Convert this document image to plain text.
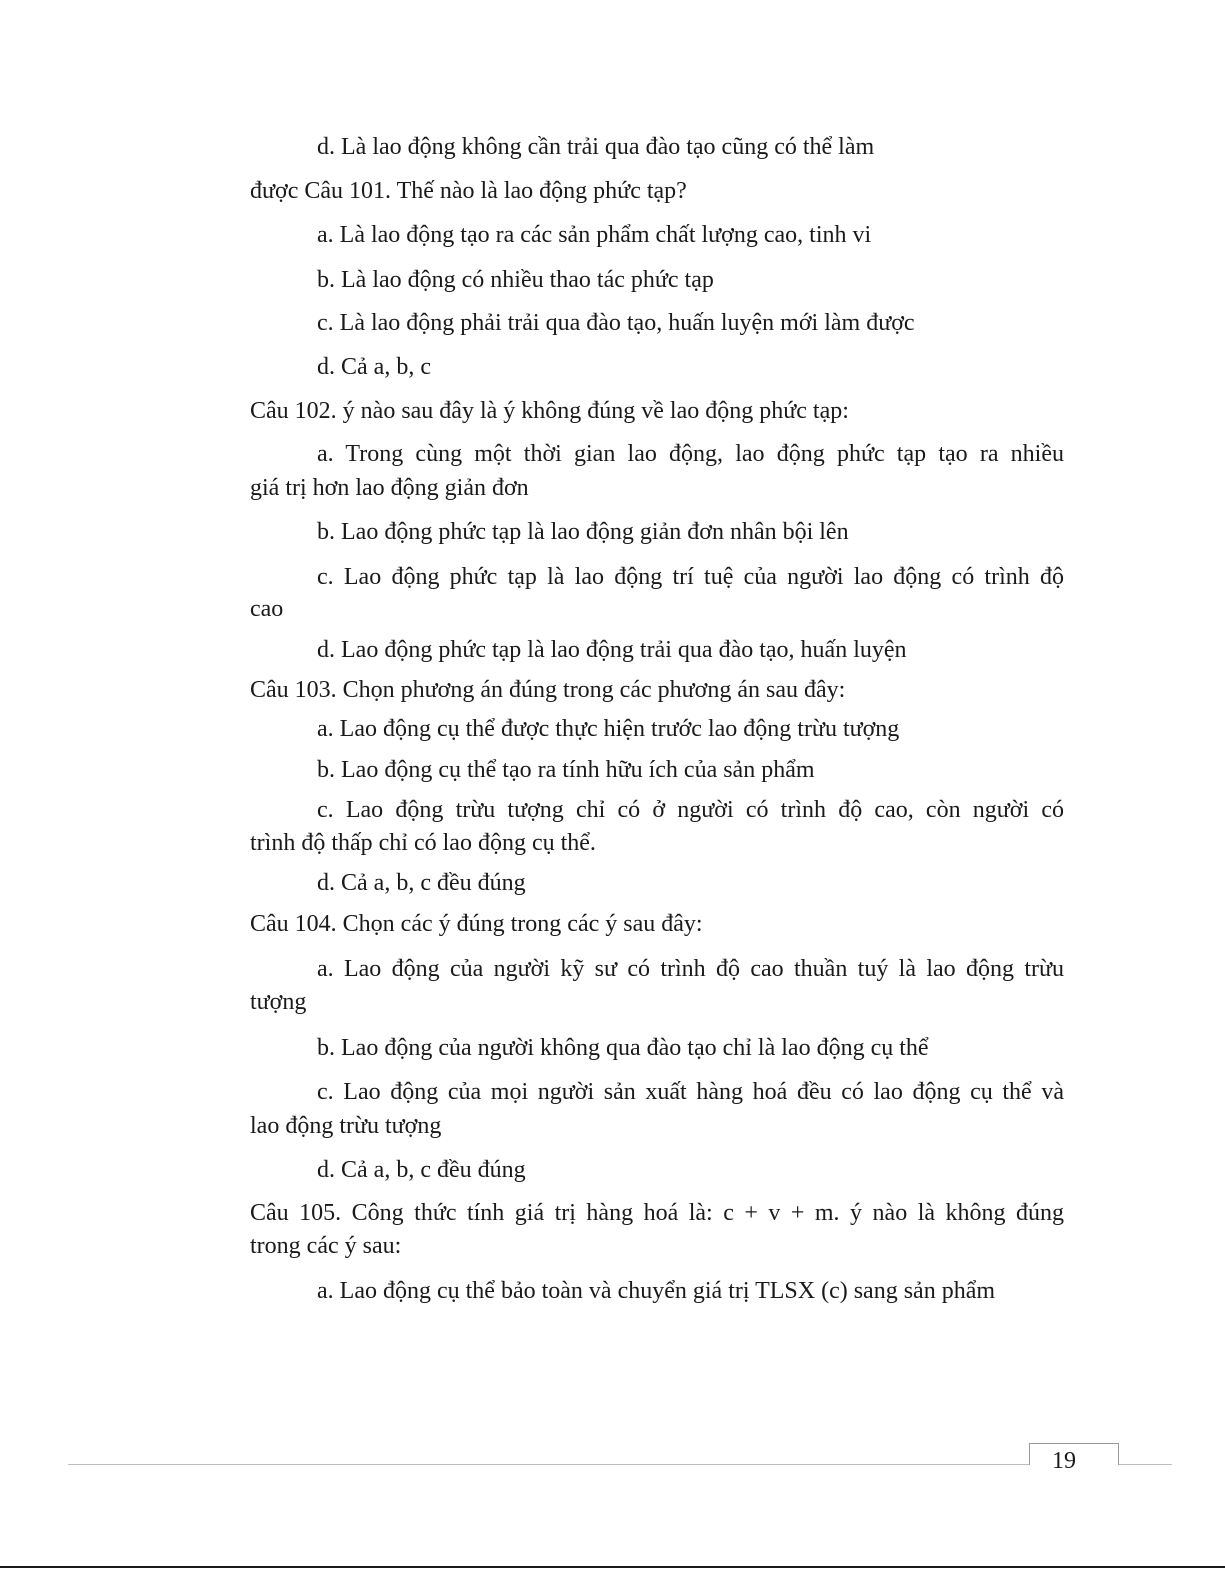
d. Là lao động không cần trải qua đào tạo cũng có thể làm

được Câu 101. Thế nào là lao động phức tạp?

a. Là lao động tạo ra các sản phẩm chất lượng cao, tinh vi

b. Là lao động có nhiều thao tác phức tạp

c. Là lao động phải trải qua đào tạo, huấn luyện mới làm được

d. Cả a, b, c

Câu 102. ý nào sau đây là ý không đúng về lao động phức tạp:

a. Trong cùng một thời gian lao động, lao động phức tạp tạo ra nhiều

giá trị hơn lao động giản đơn

b. Lao động phức tạp là lao động giản đơn nhân bội lên

c. Lao động phức tạp là lao động trí tuệ của người lao động có trình độ

cao

d. Lao động phức tạp là lao động trải qua đào tạo, huấn luyện

Câu 103. Chọn phương án đúng trong các phương án sau đây:

a. Lao động cụ thể được thực hiện trước lao động trừu tượng

b. Lao động cụ thể tạo ra tính hữu ích của sản phẩm

c. Lao động trừu tượng chỉ có ở người có trình độ cao, còn người có

trình độ thấp chỉ có lao động cụ thể.

d. Cả a, b, c đều đúng

Câu 104. Chọn các ý đúng trong các ý sau đây:

a. Lao động của người kỹ sư có trình độ cao thuần tuý là lao động trừu

tượng

b. Lao động của người không qua đào tạo chỉ là lao động cụ thể

c. Lao động của mọi người sản xuất hàng hoá đều có lao động cụ thể và

lao động trừu tượng

d. Cả a, b, c đều đúng

Câu 105. Công thức tính giá trị hàng hoá là: c + v + m. ý nào là không đúng

trong các ý sau:

a. Lao động cụ thể bảo toàn và chuyển giá trị TLSX (c) sang sản phẩm

19
